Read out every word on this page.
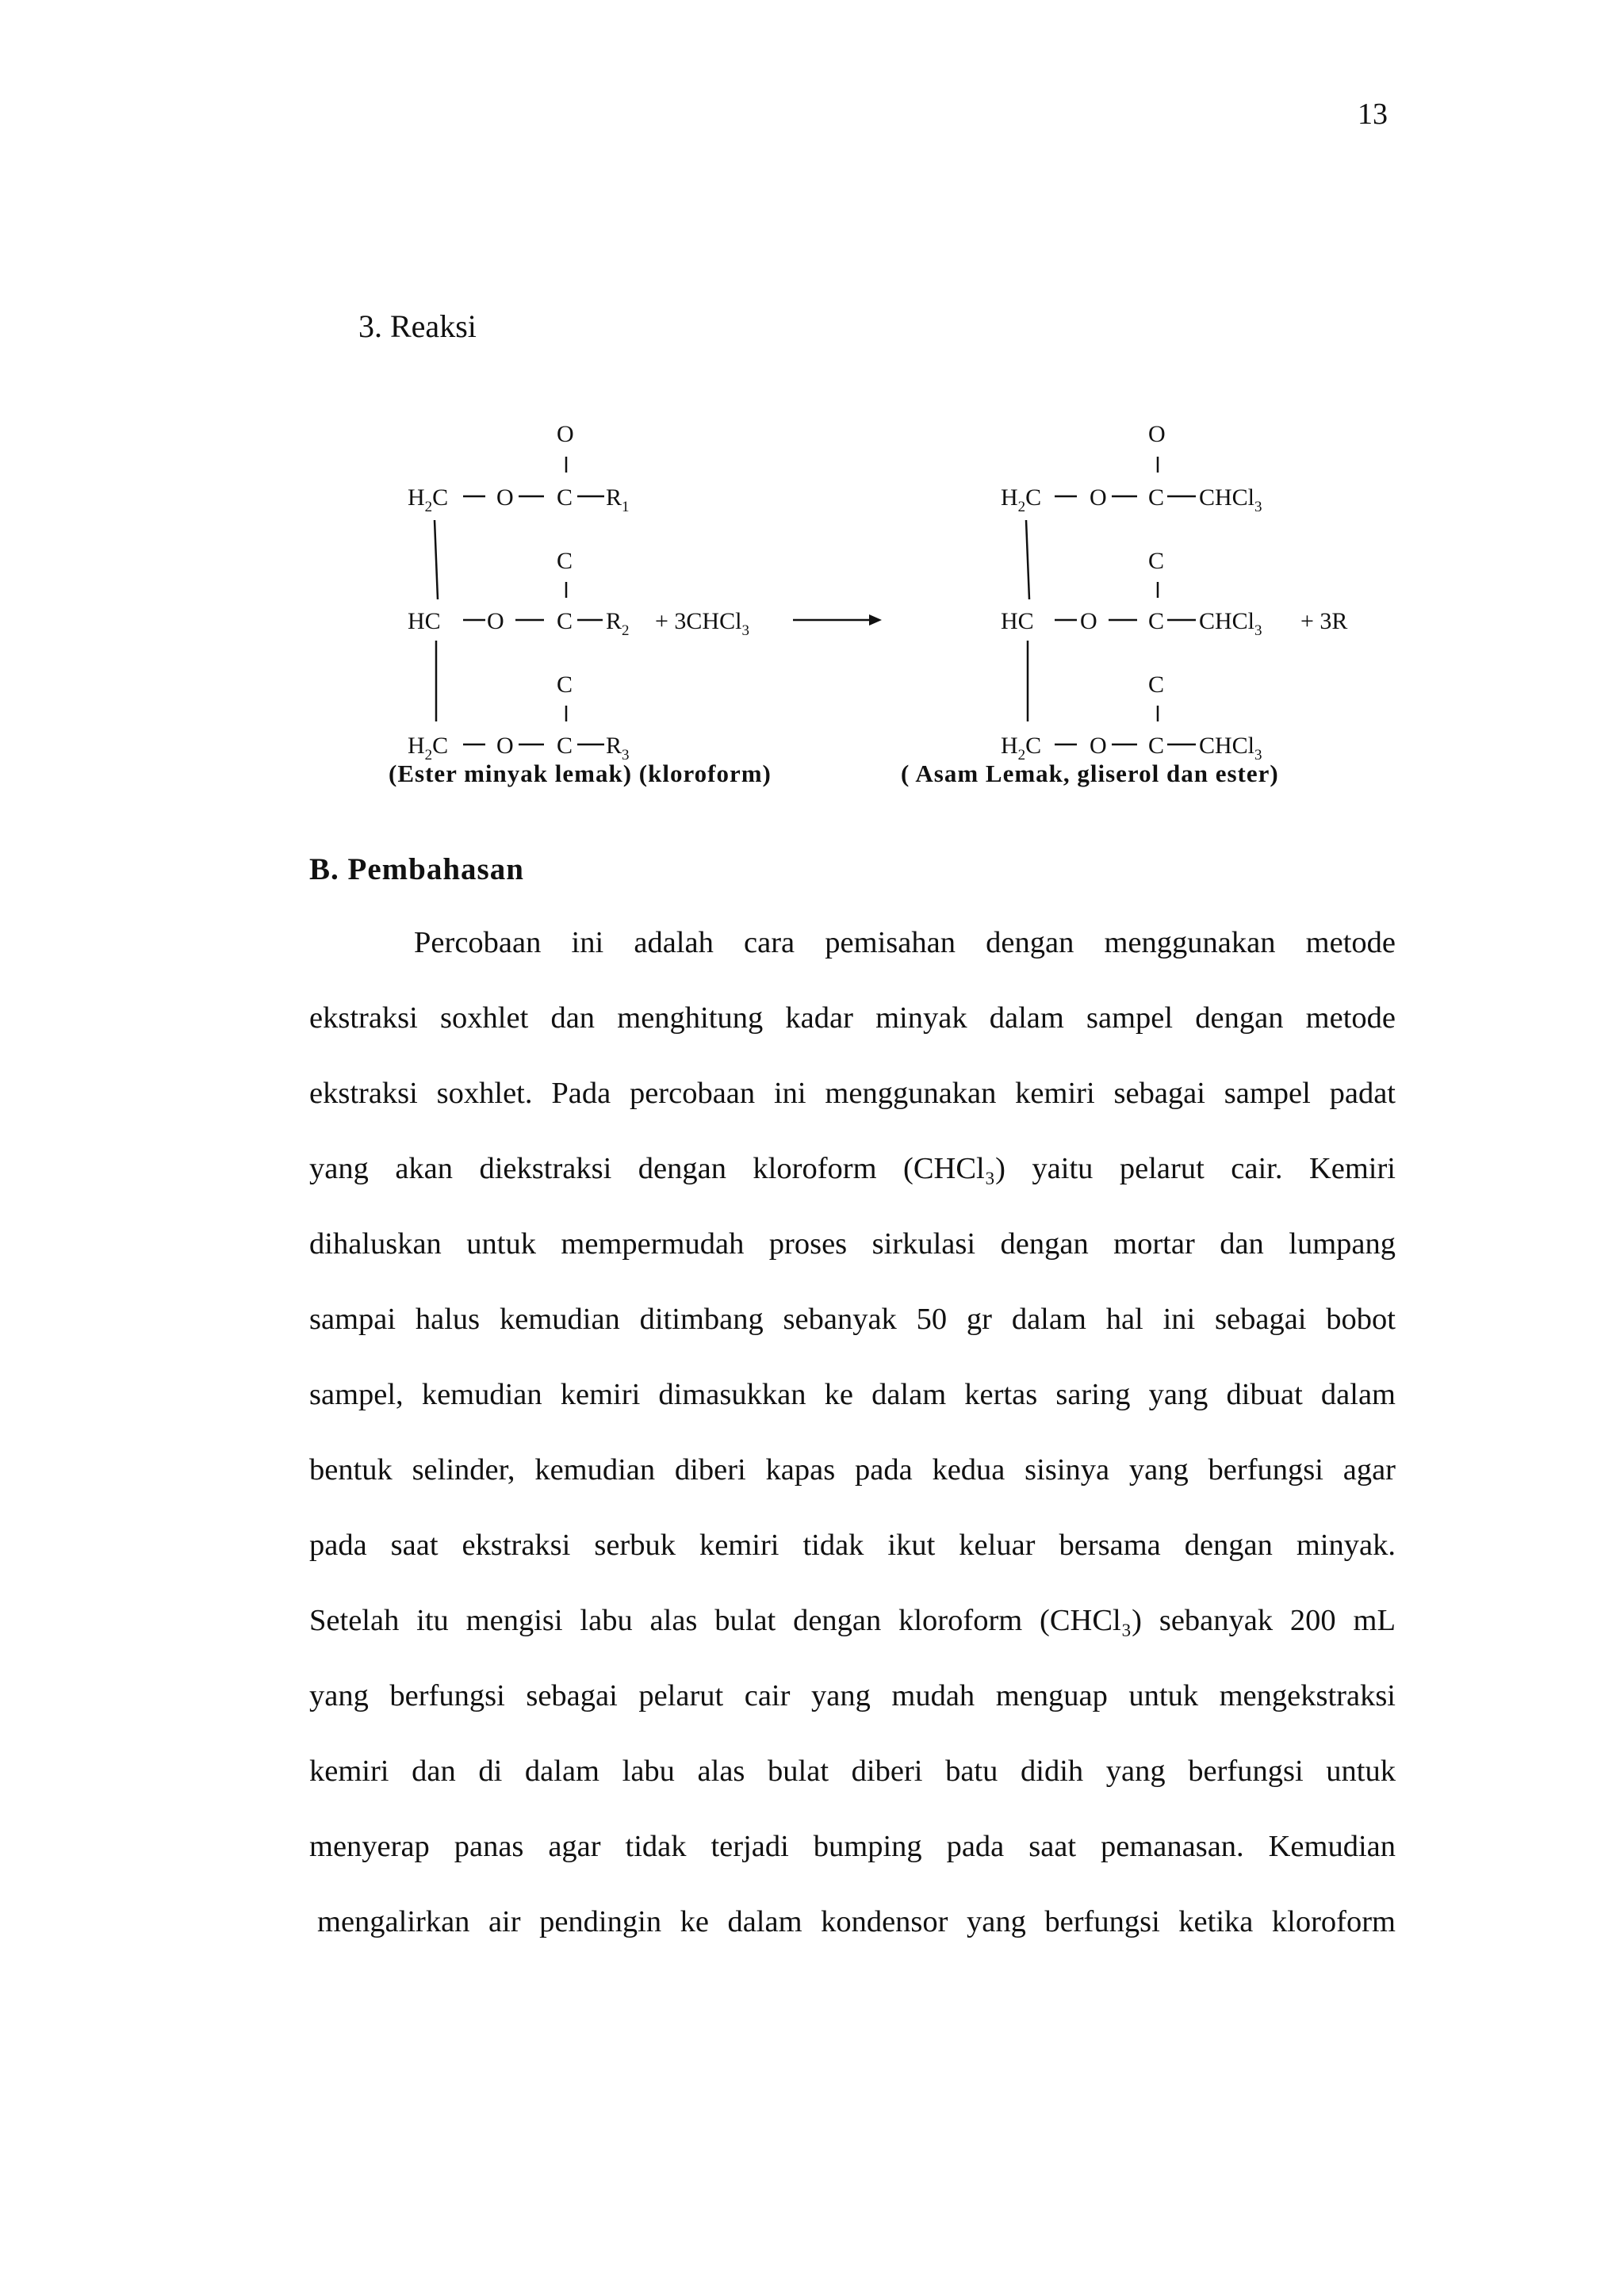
13
3. Reaksi
O
$H_2C$ O C $R_1$
C
HC O C $R_2$
C
$H_2C$ O C $R_3$
(Ester minyak lemak) (kloroform)
+ 3CHCl$_3$
O
$H_2C$ O C CHCl$_3$
C
HC O C CHCl$_3$
C
$H_2C$ O C CHCl$_3$
( Asam Lemak, gliserol dan ester)
+ 3R
B. Pembahasan
Percobaan ini adalah cara pemisahan dengan menggunakan metode
ekstraksi soxhlet dan menghitung kadar minyak dalam sampel dengan metode
ekstraksi soxhlet. Pada percobaan ini menggunakan kemiri sebagai sampel padat
yang akan diekstraksi dengan kloroform (CHCl₃) yaitu pelarut cair. Kemiri
dihaluskan untuk mempermudah proses sirkulasi dengan mortar dan lumpang
sampai halus kemudian ditimbang sebanyak 50 gr dalam hal ini sebagai bobot
sampel, kemudian kemiri dimasukkan ke dalam kertas saring yang dibuat dalam
bentuk selinder, kemudian diberi kapas pada kedua sisinya yang berfungsi agar
pada saat ekstraksi serbuk kemiri tidak ikut keluar bersama dengan minyak.
Setelah itu mengisi labu alas bulat dengan kloroform (CHCl₃) sebanyak 200 mL
yang berfungsi sebagai pelarut cair yang mudah menguap untuk mengekstraksi
kemiri dan di dalam labu alas bulat diberi batu didih yang berfungsi untuk
menyerap panas agar tidak terjadi bumping pada saat pemanasan. Kemudian
mengalirkan air pendingin ke dalam kondensor yang berfungsi ketika kloroform
